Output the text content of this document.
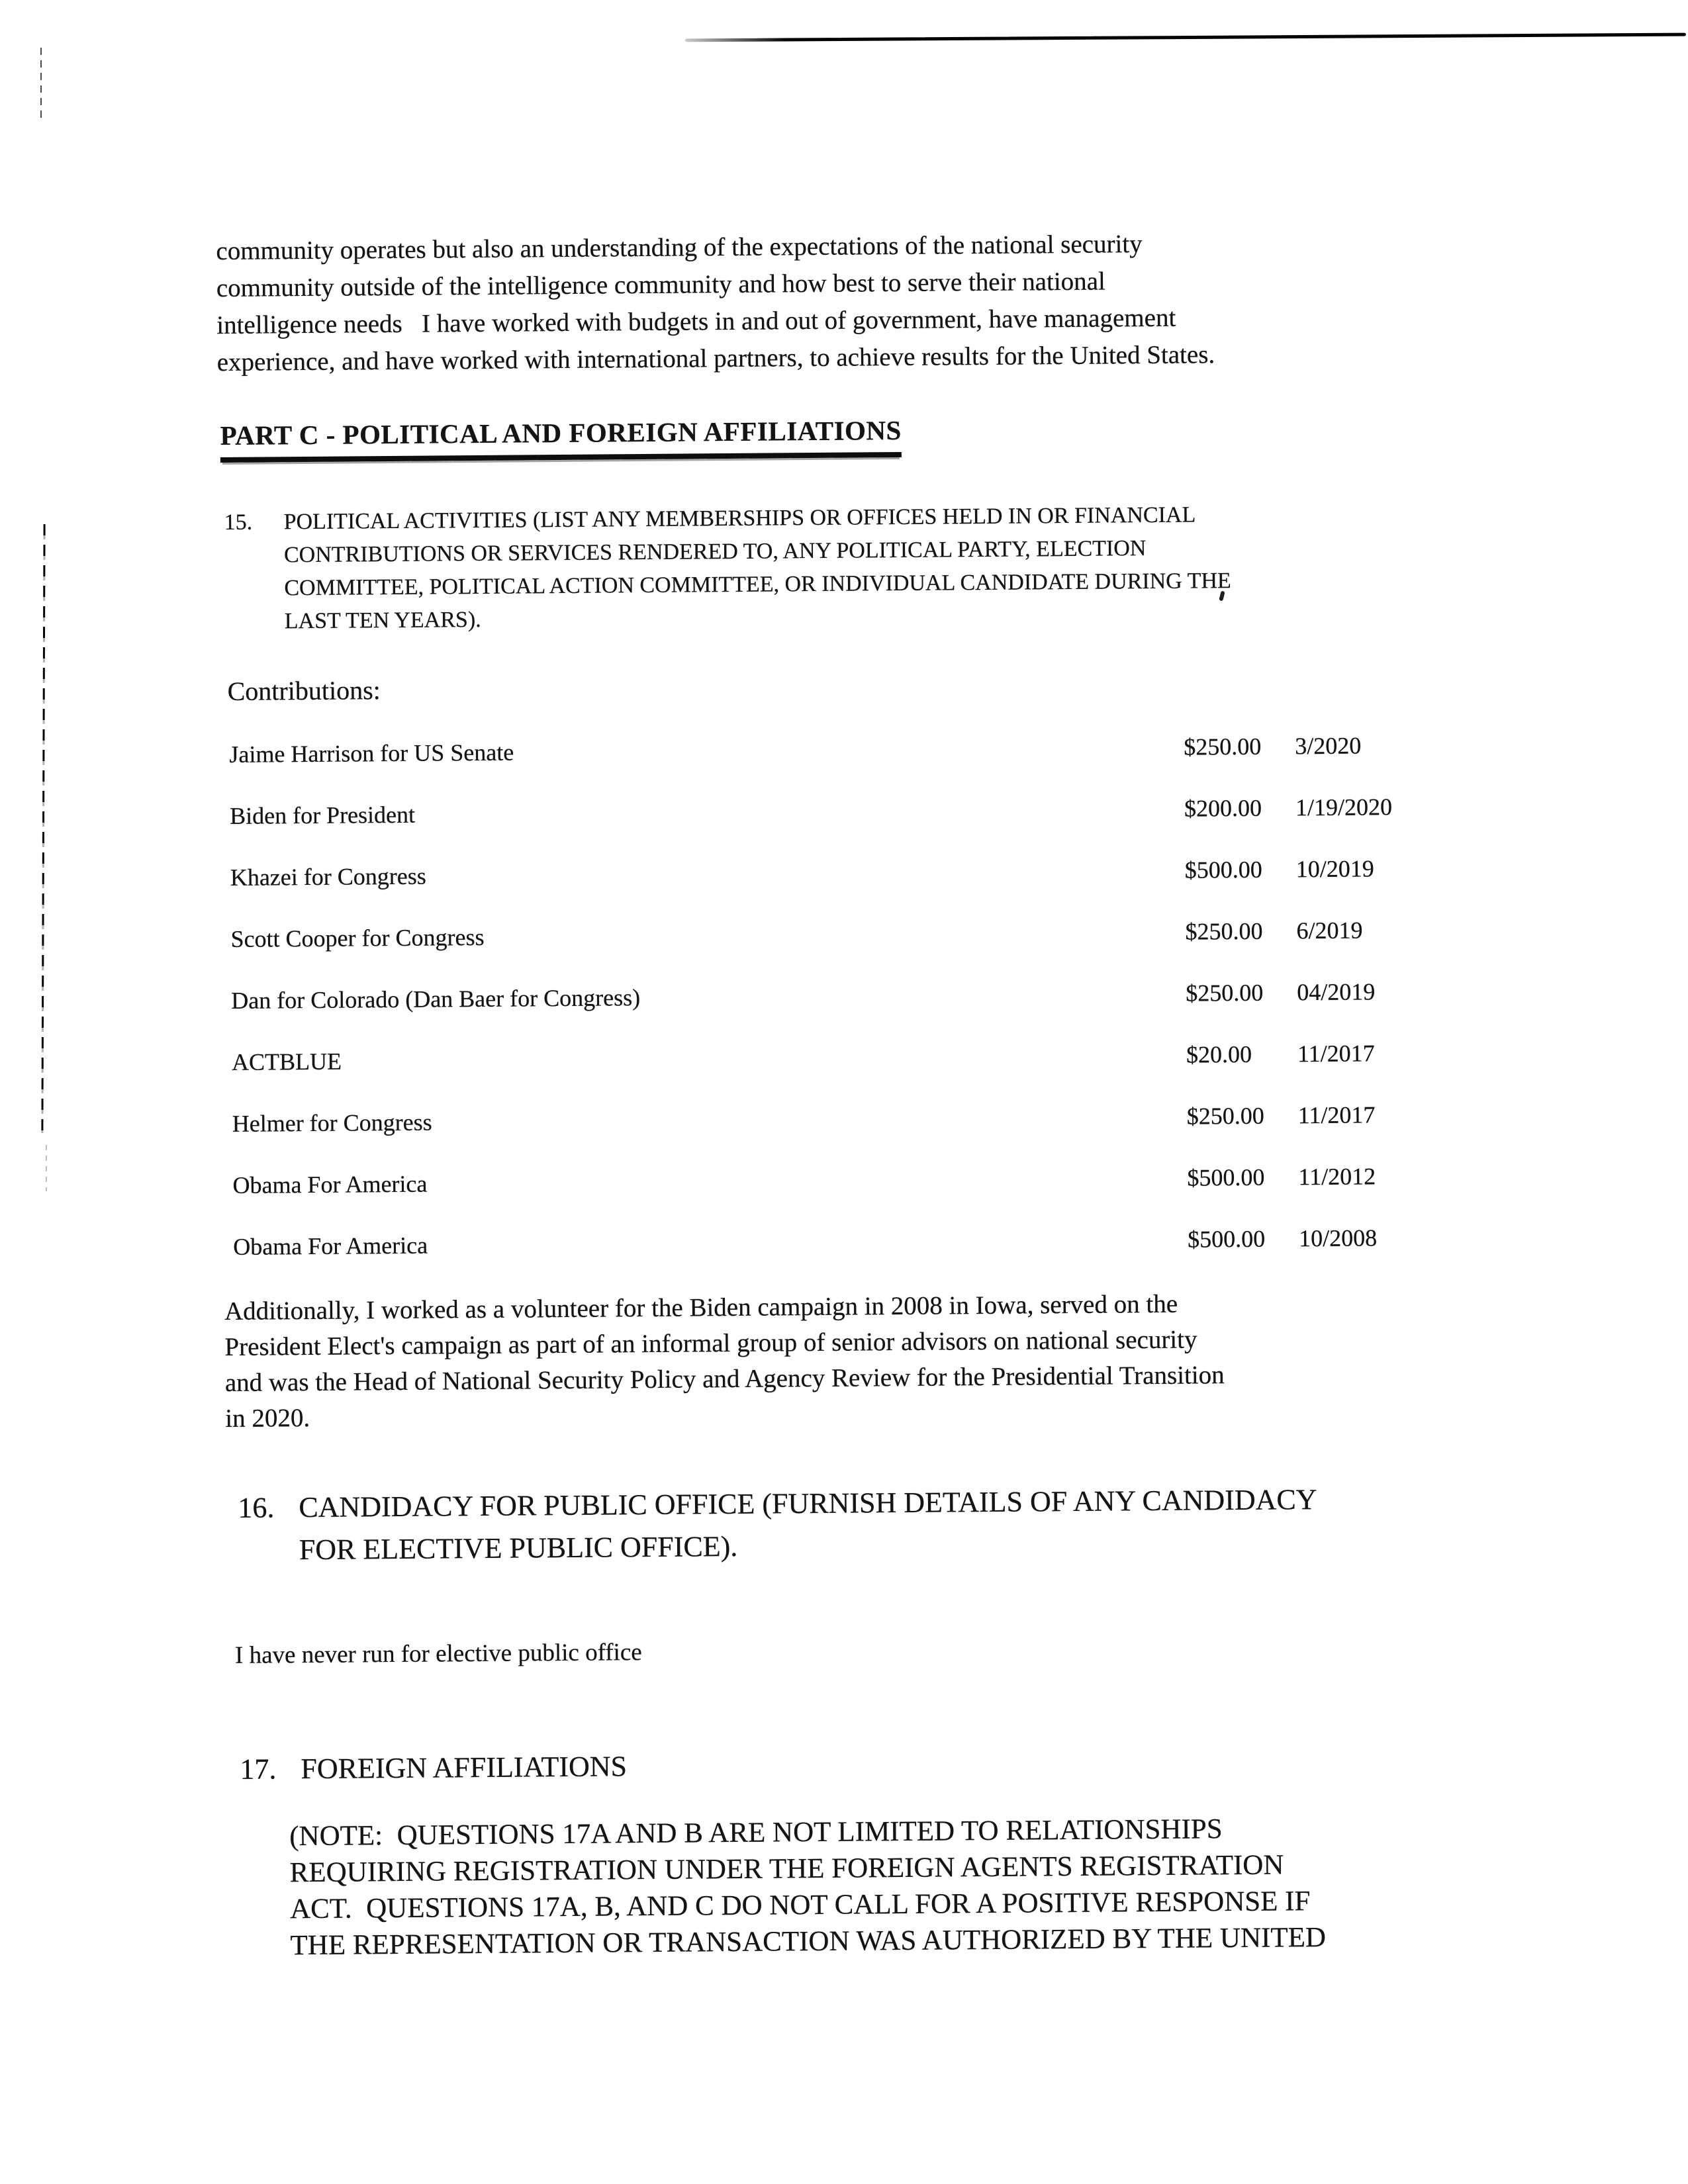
community operates but also an understanding of the expectations of the national security
community outside of the intelligence community and how best to serve their national
intelligence needs   I have worked with budgets in and out of government, have management
experience, and have worked with international partners, to achieve results for the United States.
PART C - POLITICAL AND FOREIGN AFFILIATIONS
15.	POLITICAL ACTIVITIES (LIST ANY MEMBERSHIPS OR OFFICES HELD IN OR FINANCIAL
CONTRIBUTIONS OR SERVICES RENDERED TO, ANY POLITICAL PARTY, ELECTION
COMMITTEE, POLITICAL ACTION COMMITTEE, OR INDIVIDUAL CANDIDATE DURING THE
LAST TEN YEARS).
Contributions:
Jaime Harrison for US Senate	$250.00	3/2020
Biden for President	$200.00	1/19/2020
Khazei for Congress	$500.00	10/2019
Scott Cooper for Congress	$250.00	6/2019
Dan for Colorado (Dan Baer for Congress)	$250.00	04/2019
ACTBLUE	$20.00	11/2017
Helmer for Congress	$250.00	11/2017
Obama For America	$500.00	11/2012
Obama For America	$500.00	10/2008
Additionally, I worked as a volunteer for the Biden campaign in 2008 in Iowa, served on the
President Elect's campaign as part of an informal group of senior advisors on national security
and was the Head of National Security Policy and Agency Review for the Presidential Transition
in 2020.
16. CANDIDACY FOR PUBLIC OFFICE (FURNISH DETAILS OF ANY CANDIDACY
FOR ELECTIVE PUBLIC OFFICE).
I have never run for elective public office
17. FOREIGN AFFILIATIONS
(NOTE:  QUESTIONS 17A AND B ARE NOT LIMITED TO RELATIONSHIPS
REQUIRING REGISTRATION UNDER THE FOREIGN AGENTS REGISTRATION
ACT.  QUESTIONS 17A, B, AND C DO NOT CALL FOR A POSITIVE RESPONSE IF
THE REPRESENTATION OR TRANSACTION WAS AUTHORIZED BY THE UNITED
